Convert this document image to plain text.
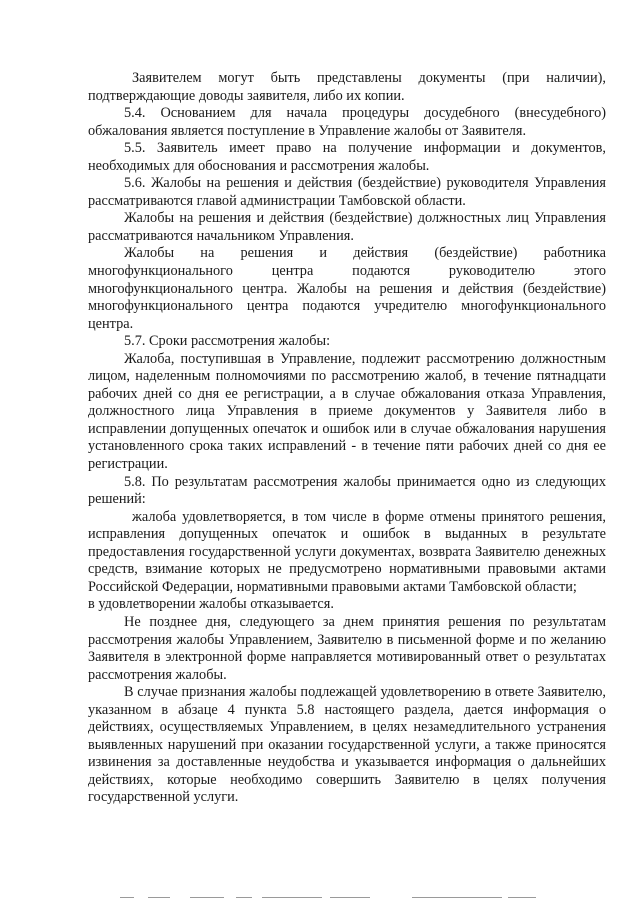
Заявителем могут быть представлены документы (при наличии), подтверждающие доводы заявителя, либо их копии.

5.4. Основанием для начала процедуры досудебного (внесудебного) обжалования является поступление в Управление жалобы от Заявителя.

5.5. Заявитель имеет право на получение информации и документов, необходимых для обоснования и рассмотрения жалобы.

5.6. Жалобы на решения и действия (бездействие) руководителя Управления рассматриваются главой администрации Тамбовской области.

Жалобы на решения и действия (бездействие) должностных лиц Управления рассматриваются начальником Управления.

Жалобы на решения и действия (бездействие) работника многофункционального центра подаются руководителю этого многофункционального центра. Жалобы на решения и действия (бездействие) многофункционального центра подаются учредителю многофункционального центра.

5.7. Сроки рассмотрения жалобы:

Жалоба, поступившая в Управление, подлежит рассмотрению должностным лицом, наделенным полномочиями по рассмотрению жалоб, в течение пятнадцати рабочих дней со дня ее регистрации, а в случае обжалования отказа Управления, должностного лица Управления в приеме документов у Заявителя либо в исправлении допущенных опечаток и ошибок или в случае обжалования нарушения установленного срока таких исправлений - в течение пяти рабочих дней со дня ее регистрации.

5.8. По результатам рассмотрения жалобы принимается одно из следующих решений:

жалоба удовлетворяется, в том числе в форме отмены принятого решения, исправления допущенных опечаток и ошибок в выданных в результате предоставления государственной услуги документах, возврата Заявителю денежных средств, взимание которых не предусмотрено нормативными правовыми актами Российской Федерации, нормативными правовыми актами Тамбовской области;

в удовлетворении жалобы отказывается.

Не позднее дня, следующего за днем принятия решения по результатам рассмотрения жалобы Управлением, Заявителю в письменной форме и по желанию Заявителя в электронной форме направляется мотивированный ответ о результатах рассмотрения жалобы.

В случае признания жалобы подлежащей удовлетворению в ответе Заявителю, указанном в абзаце 4 пункта 5.8 настоящего раздела, дается информация о действиях, осуществляемых Управлением, в целях незамедлительного устранения выявленных нарушений при оказании государственной услуги, а также приносятся извинения за доставленные неудобства и указывается информация о дальнейших действиях, которые необходимо совершить Заявителю в целях получения государственной услуги.
